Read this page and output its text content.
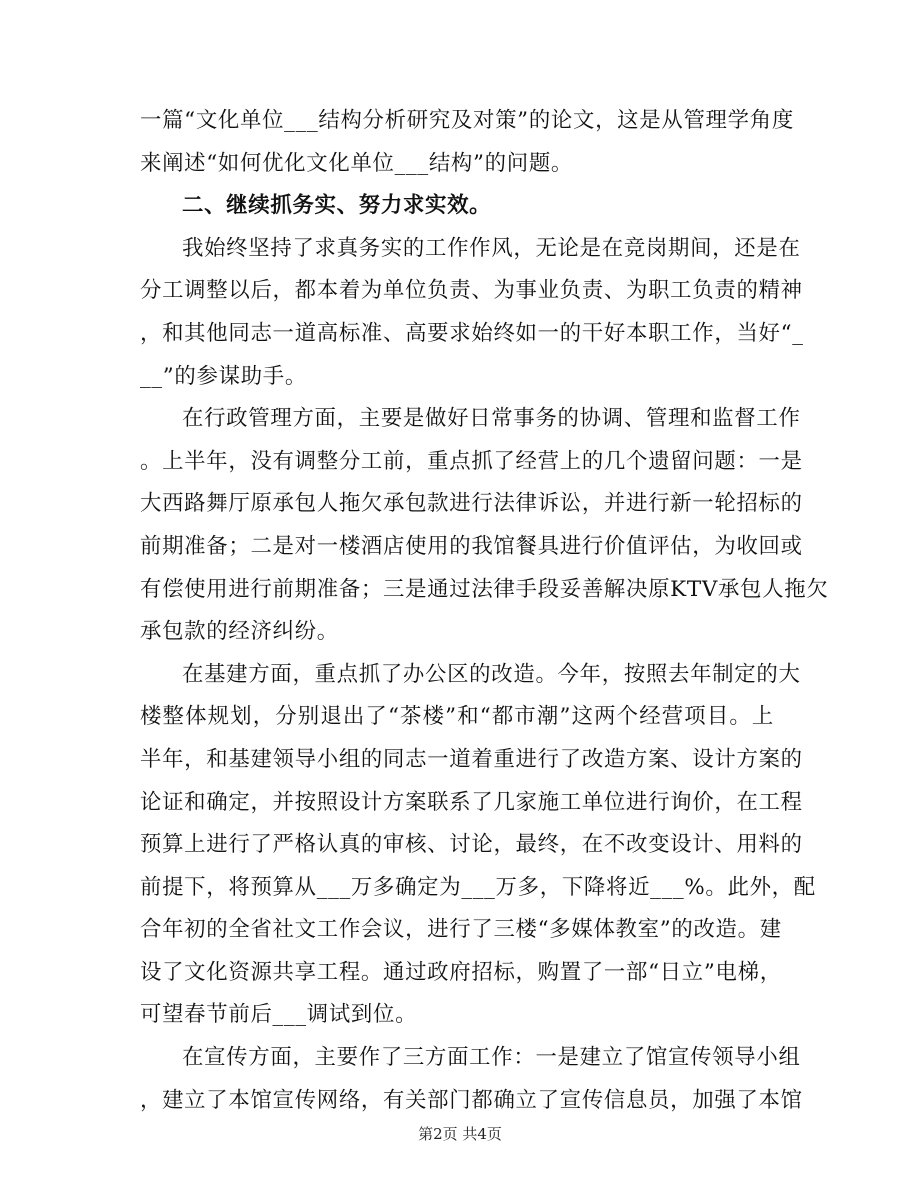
一篇“文化单位___结构分析研究及对策”的论文，这是从管理学角度
来阐述“如何优化文化单位___结构”的问题。
二、继续抓务实、努力求实效。
我始终坚持了求真务实的工作作风，无论是在竞岗期间，还是在
分工调整以后，都本着为单位负责、为事业负责、为职工负责的精神
，和其他同志一道高标准、高要求始终如一的干好本职工作，当好“_
__”的参谋助手。
在行政管理方面，主要是做好日常事务的协调、管理和监督工作
。上半年，没有调整分工前，重点抓了经营上的几个遗留问题：一是
大西路舞厅原承包人拖欠承包款进行法律诉讼，并进行新一轮招标的
前期准备；二是对一楼酒店使用的我馆餐具进行价值评估，为收回或
有偿使用进行前期准备；三是通过法律手段妥善解决原KTV承包人拖欠
承包款的经济纠纷。
在基建方面，重点抓了办公区的改造。今年，按照去年制定的大
楼整体规划，分别退出了“茶楼”和“都市潮”这两个经营项目。上
半年，和基建领导小组的同志一道着重进行了改造方案、设计方案的
论证和确定，并按照设计方案联系了几家施工单位进行询价，在工程
预算上进行了严格认真的审核、讨论，最终，在不改变设计、用料的
前提下，将预算从___万多确定为___万多，下降将近___%。此外，配
合年初的全省社文工作会议，进行了三楼“多媒体教室”的改造。建
设了文化资源共享工程。通过政府招标，购置了一部“日立”电梯，
可望春节前后___调试到位。
在宣传方面，主要作了三方面工作：一是建立了馆宣传领导小组
，建立了本馆宣传网络，有关部门都确立了宣传信息员，加强了本馆
第2页 共4页
